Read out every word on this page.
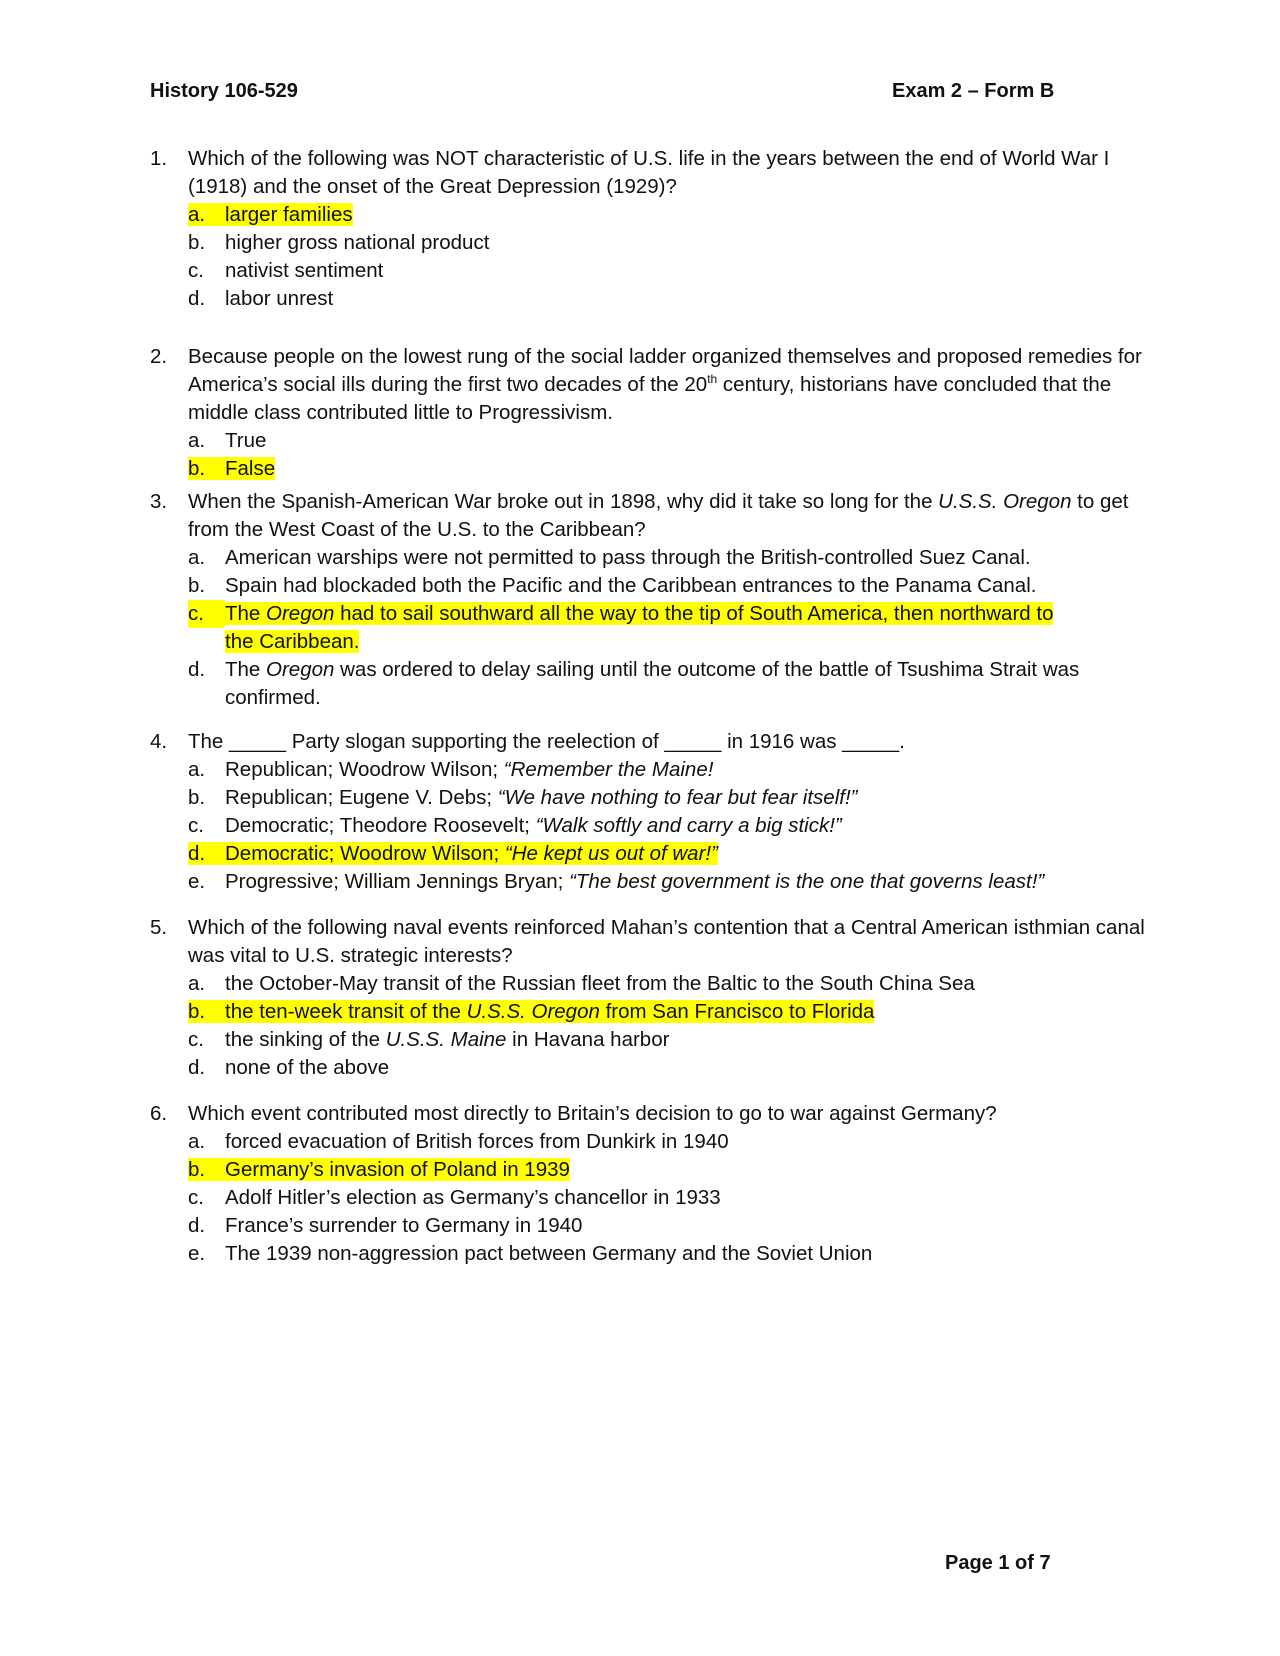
History 106-529	Exam 2 – Form B
1. Which of the following was NOT characteristic of U.S. life in the years between the end of World War I (1918) and the onset of the Great Depression (1929)?
a. larger families
b. higher gross national product
c. nativist sentiment
d. labor unrest
2. Because people on the lowest rung of the social ladder organized themselves and proposed remedies for America’s social ills during the first two decades of the 20th century, historians have concluded that the middle class contributed little to Progressivism.
a. True
b. False
3. When the Spanish-American War broke out in 1898, why did it take so long for the U.S.S. Oregon to get from the West Coast of the U.S. to the Caribbean?
a. American warships were not permitted to pass through the British-controlled Suez Canal.
b. Spain had blockaded both the Pacific and the Caribbean entrances to the Panama Canal.
c.	The Oregon had to sail southward all the way to the tip of South America, then northward to the Caribbean.
d. The Oregon was ordered to delay sailing until the outcome of the battle of Tsushima Strait was confirmed.
4. The _____ Party slogan supporting the reelection of _____ in 1916 was _____.
a. Republican; Woodrow Wilson; “Remember the Maine!
b. Republican; Eugene V. Debs; “We have nothing to fear but fear itself!”
c. Democratic; Theodore Roosevelt; “Walk softly and carry a big stick!”
d. Democratic; Woodrow Wilson; “He kept us out of war!”
e. Progressive; William Jennings Bryan; “The best government is the one that governs least!”
5. Which of the following naval events reinforced Mahan’s contention that a Central American isthmian canal was vital to U.S. strategic interests?
a. the October-May transit of the Russian fleet from the Baltic to the South China Sea
b. the ten-week transit of the U.S.S. Oregon from San Francisco to Florida
c. the sinking of the U.S.S. Maine in Havana harbor
d. none of the above
6. Which event contributed most directly to Britain’s decision to go to war against Germany?
a. forced evacuation of British forces from Dunkirk in 1940
b. Germany’s invasion of Poland in 1939
c. Adolf Hitler’s election as Germany’s chancellor in 1933
d. France’s surrender to Germany in 1940
e. The 1939 non-aggression pact between Germany and the Soviet Union
Page 1 of 7
